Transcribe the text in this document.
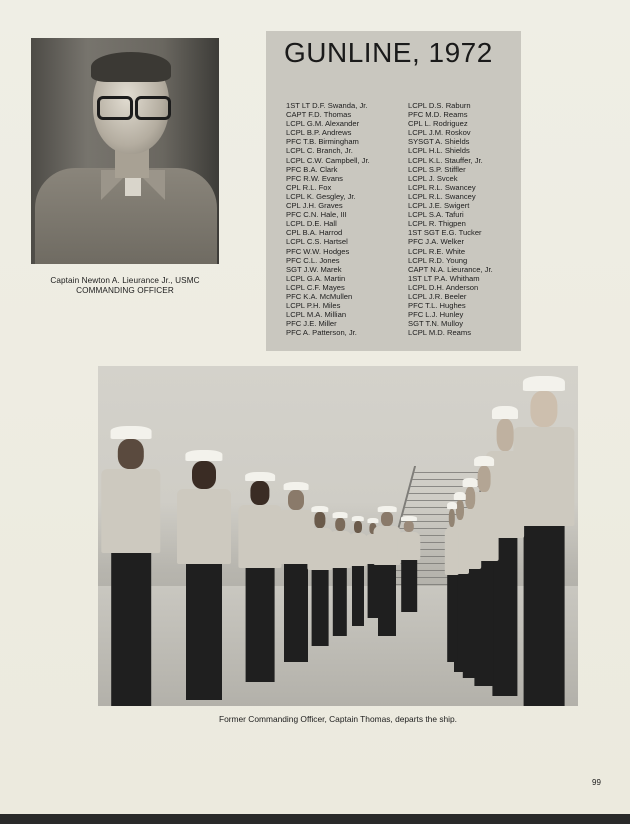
Captain Newton A. Lieurance Jr., USMC
COMMANDING OFFICER
GUNLINE, 1972
1ST LT D.F. Swanda, Jr.
CAPT F.D. Thomas
LCPL G.M. Alexander
LCPL B.P. Andrews
PFC T.B. Birmingham
LCPL C. Branch, Jr.
LCPL C.W. Campbell, Jr.
PFC B.A. Clark
PFC R.W. Evans
CPL R.L. Fox
LCPL K. Gesgley, Jr.
CPL J.H. Graves
PFC C.N. Hale, III
LCPL D.E. Hall
CPL B.A. Harrod
LCPL C.S. Hartsel
PFC W.W. Hodges
PFC C.L. Jones
SGT J.W. Marek
LCPL G.A. Martin
LCPL C.F. Mayes
PFC K.A. McMullen
LCPL P.H. Miles
LCPL M.A. Millian
PFC J.E. Miller
PFC A. Patterson, Jr.
LCPL D.S. Raburn
PFC M.D. Reams
CPL L. Rodriguez
LCPL J.M. Roskov
SYSGT A. Shields
LCPL H.L. Shields
LCPL K.L. Stauffer, Jr.
LCPL S.P. Stiffler
LCPL J. Svcek
LCPL R.L. Swancey
LCPL R.L. Swancey
LCPL J.E. Swigert
LCPL S.A. Tafuri
LCPL R. Thigpen
1ST SGT E.G. Tucker
PFC J.A. Welker
LCPL R.E. White
LCPL R.D. Young
CAPT N.A. Lieurance, Jr.
1ST LT P.A. Whitham
LCPL D.H. Anderson
LCPL J.R. Beeler
PFC T.L. Hughes
PFC L.J. Hunley
SGT T.N. Mulloy
LCPL M.D. Reams
Former Commanding Officer, Captain Thomas, departs the ship.
99
